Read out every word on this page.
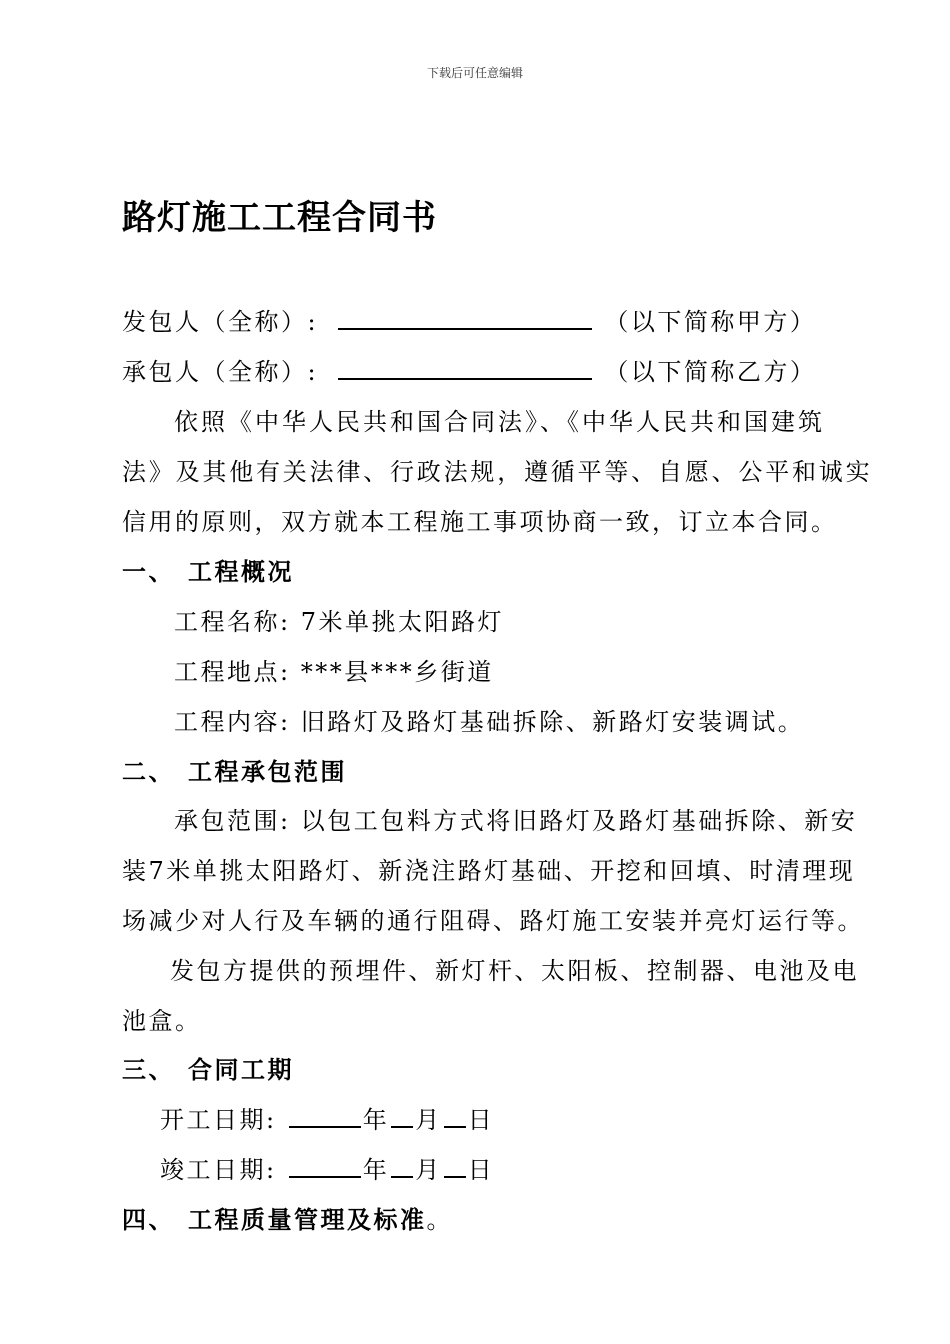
下载后可任意编辑
路灯施工工程合同书
发包人（全称）:	（以下简称甲方）
承包人（全称）:	（以下简称乙方）
依照《中华人民共和国合同法》、《中华人民共和国建筑
法》及其他有关法律、行政法规，遵循平等、自愿、公平和诚实
信用的原则，双方就本工程施工事项协商一致，订立本合同。
一、 工程概况
工程名称: 7米单挑太阳路灯
工程地点: ***县***乡街道
工程内容: 旧路灯及路灯基础拆除、新路灯安装调试。
二、 工程承包范围
承包范围: 以包工包料方式将旧路灯及路灯基础拆除、新安
装7米单挑太阳路灯、新浇注路灯基础、开挖和回填、时清理现
场减少对人行及车辆的通行阻碍、路灯施工安装并亮灯运行等。
发包方提供的预埋件、新灯杆、太阳板、控制器、电池及电
池盒。
三、 合同工期
开工日期:	年 月 日
竣工日期:	年 月 日
四、 工程质量管理及标准。
